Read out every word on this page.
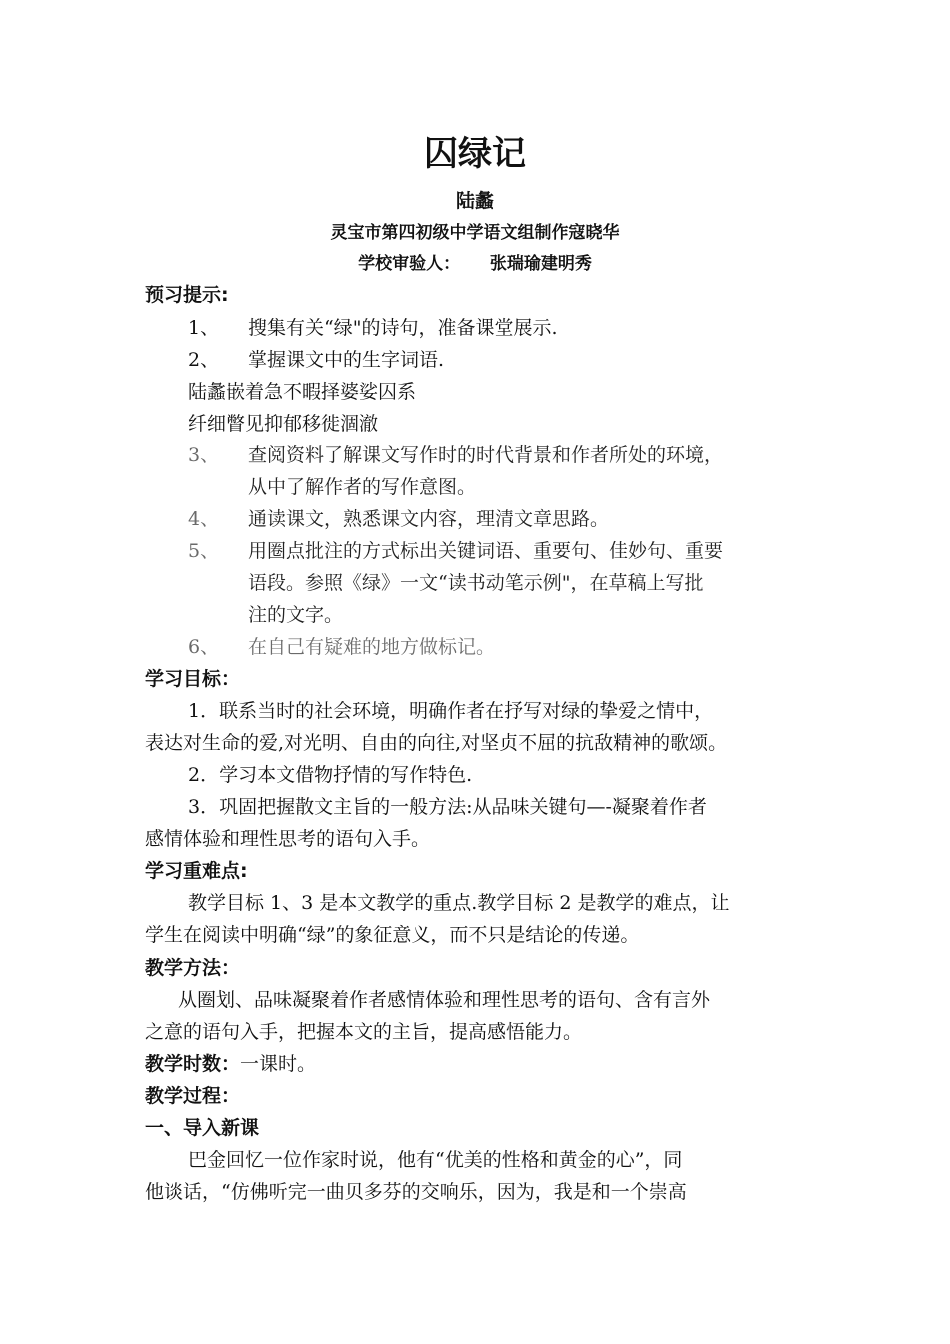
囚绿记
陆蠡
灵宝市第四初级中学语文组制作寇晓华
学校审验人： 张瑞瑜建明秀
预习提示:
1、 搜集有关“绿"的诗句，准备课堂展示.
2、 掌握课文中的生字词语.
陆蠡嵌着急不暇择婆娑囚系
纤细瞥见抑郁移徙涸澈
3、 查阅资料了解课文写作时的时代背景和作者所处的环境，
从中了解作者的写作意图。
4、 通读课文，熟悉课文内容，理清文章思路。
5、 用圈点批注的方式标出关键词语、重要句、佳妙句、重要
语段。参照《绿》一文“读书动笔示例"，在草稿上写批
注的文字。
6、 在自己有疑难的地方做标记。
学习目标：
1．联系当时的社会环境，明确作者在抒写对绿的挚爱之情中，
表达对生命的爱,对光明、自由的向往,对坚贞不屈的抗敌精神的歌颂。
2．学习本文借物抒情的写作特色.
3．巩固把握散文主旨的一般方法:从品味关键句—-凝聚着作者
感情体验和理性思考的语句入手。
学习重难点:
教学目标 1、3 是本文教学的重点.教学目标 2 是教学的难点，让
学生在阅读中明确“绿”的象征意义，而不只是结论的传递。
教学方法：
从圈划、品味凝聚着作者感情体验和理性思考的语句、含有言外
之意的语句入手，把握本文的主旨，提高感悟能力。
教学时数：一课时。
教学过程：
一、导入新课
巴金回忆一位作家时说，他有“优美的性格和黄金的心”，同
他谈话，“仿佛听完一曲贝多芬的交响乐，因为，我是和一个崇高
